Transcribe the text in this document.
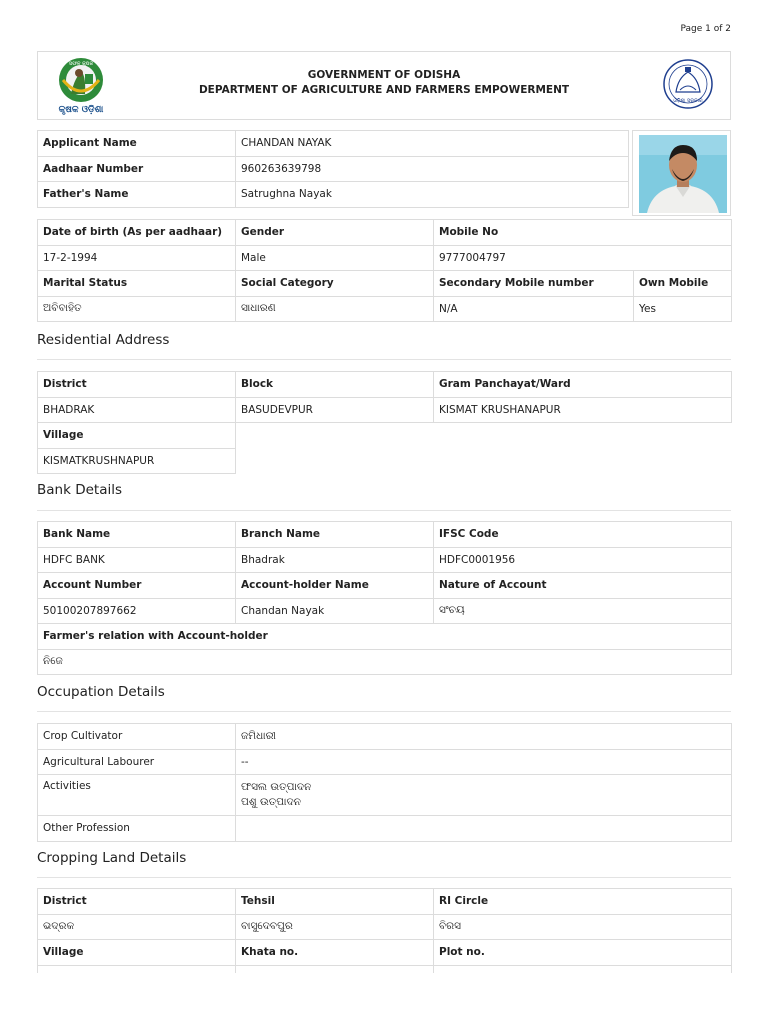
Page 1 of 2
ସଫଳ କୃଷକ
କୃଷକ ଓଡ଼ିଶା
GOVERNMENT OF ODISHA
DEPARTMENT OF AGRICULTURE AND FARMERS EMPOWERMENT
ଓଡ଼ିଶା ସରକାର
Applicant Name	CHANDAN NAYAK
Aadhaar Number	960263639798
Father's Name	Satrughna Nayak
Date of birth (As per aadhaar)	Gender	Mobile No	
17-2-1994	Male	9777004797	
Marital Status	Social Category	Secondary Mobile number	Own Mobile
ଅବିବାହିତ	ସାଧାରଣ	N/A	Yes
Residential Address
District	Block	Gram Panchayat/Ward
BHADRAK	BASUDEVPUR	KISMAT KRUSHANAPUR
Village		
KISMATKRUSHNAPUR		
Bank Details
Bank Name	Branch Name	IFSC Code
HDFC BANK	Bhadrak	HDFC0001956
Account Number	Account-holder Name	Nature of Account
50100207897662	Chandan Nayak	ସଂଚୟ
Farmer's relation with Account-holder		
ନିଜେ		
Occupation Details
Crop Cultivator	ଜମିଧାରୀ
Agricultural Labourer	--
Activities	ଫସଲ ଉତ୍ପାଦନ
ପଶୁ ଉତ୍ପାଦନ

Other Profession	
Cropping Land Details
District	Tehsil	RI Circle
ଭଦ୍ରକ	ବାସୁଦେବପୁର	ବିରସ
Village	Khata no.	Plot no.
